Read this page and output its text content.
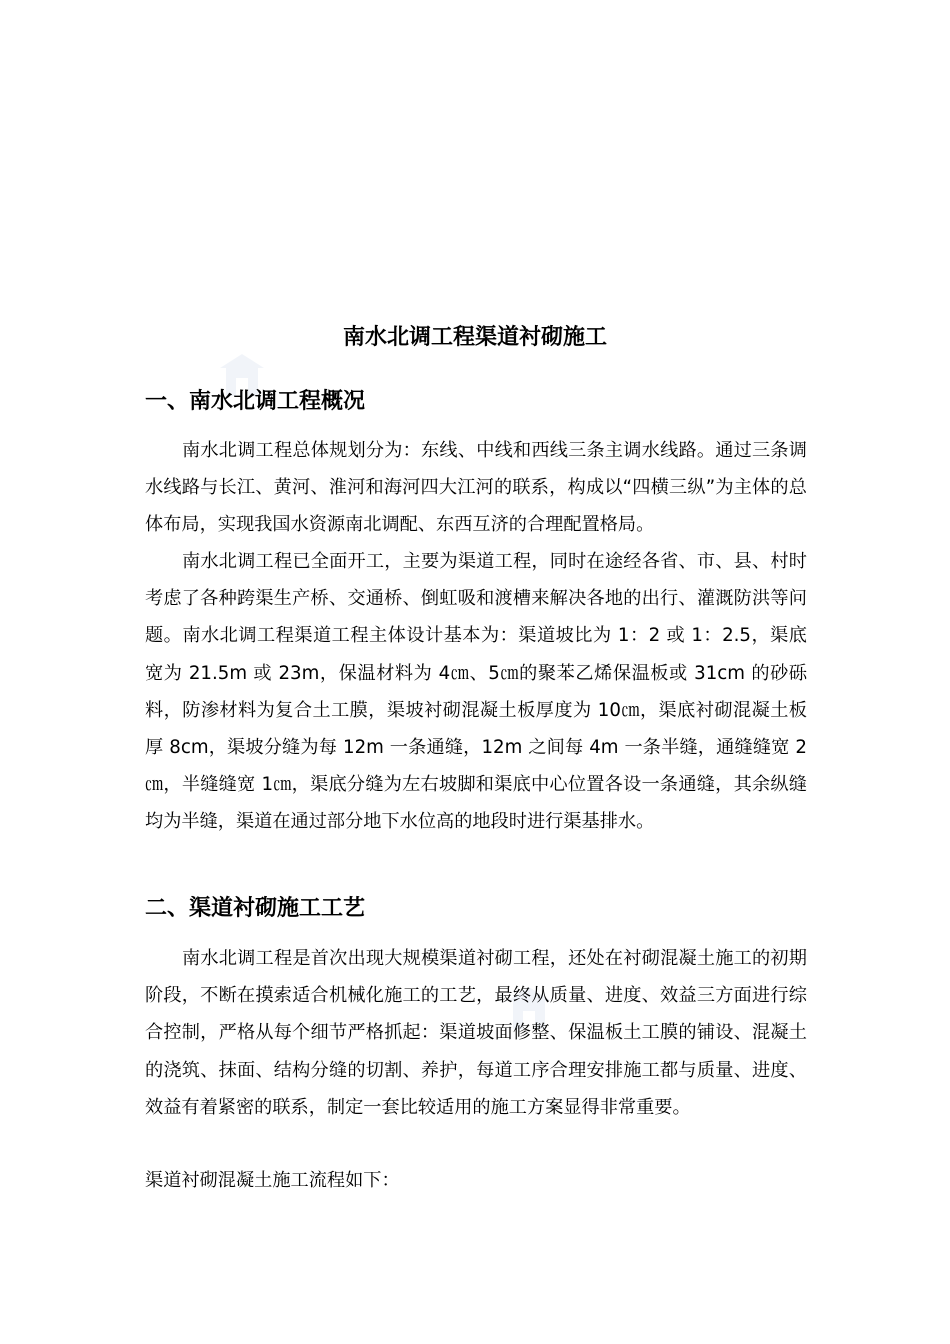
南水北调工程渠道衬砌施工
一、南水北调工程概况

南水北调工程总体规划分为：东线、中线和西线三条主调水线路。通过三条调水线路与长江、黄河、淮河和海河四大江河的联系，构成以“四横三纵”为主体的总体布局，实现我国水资源南北调配、东西互济的合理配置格局。

南水北调工程已全面开工，主要为渠道工程，同时在途经各省、市、县、村时考虑了各种跨渠生产桥、交通桥、倒虹吸和渡槽来解决各地的出行、灌溉防洪等问题。南水北调工程渠道工程主体设计基本为：渠道坡比为 1：2 或 1：2.5，渠底宽为 21.5m 或 23m，保温材料为 4㎝、5㎝的聚苯乙烯保温板或 31cm 的砂砾料，防渗材料为复合土工膜，渠坡衬砌混凝土板厚度为 10㎝，渠底衬砌混凝土板厚 8cm，渠坡分缝为每 12m 一条通缝，12m 之间每 4m 一条半缝，通缝缝宽 2㎝，半缝缝宽 1㎝，渠底分缝为左右坡脚和渠底中心位置各设一条通缝，其余纵缝均为半缝，渠道在通过部分地下水位高的地段时进行渠基排水。

二、渠道衬砌施工工艺

南水北调工程是首次出现大规模渠道衬砌工程，还处在衬砌混凝土施工的初期阶段，不断在摸索适合机械化施工的工艺，最终从质量、进度、效益三方面进行综合控制，严格从每个细节严格抓起：渠道坡面修整、保温板土工膜的铺设、混凝土的浇筑、抹面、结构分缝的切割、养护，每道工序合理安排施工都与质量、进度、效益有着紧密的联系，制定一套比较适用的施工方案显得非常重要。

渠道衬砌混凝土施工流程如下：
